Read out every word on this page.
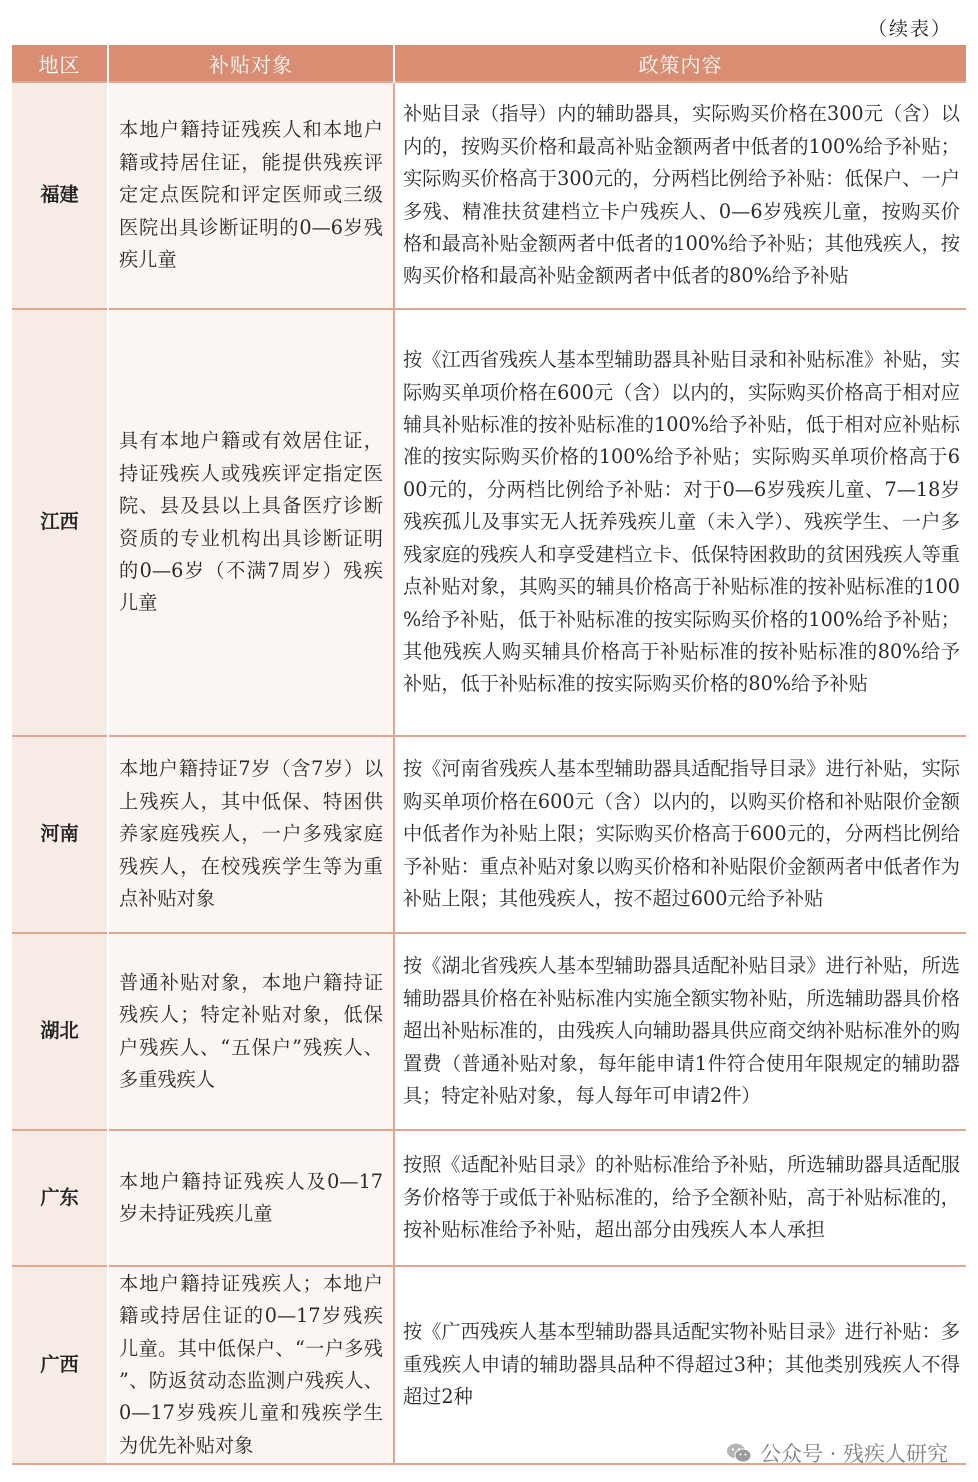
（续表）
地区	补贴对象	政策内容
福建	本地户籍持证残疾人和本地户籍或持居住证，能提供残疾评定定点医院和评定医师或三级医院出具诊断证明的0—6岁残疾儿童	补贴目录（指导）内的辅助器具，实际购买价格在300元（含）以内的，按购买价格和最高补贴金额两者中低者的100%给予补贴；实际购买价格高于300元的，分两档比例给予补贴：低保户、一户多残、精准扶贫建档立卡户残疾人、0—6岁残疾儿童，按购买价格和最高补贴金额两者中低者的100%给予补贴；其他残疾人，按购买价格和最高补贴金额两者中低者的80%给予补贴

江西	具有本地户籍或有效居住证，持证残疾人或残疾评定指定医院、县及县以上具备医疗诊断资质的专业机构出具诊断证明的0—6岁（不满7周岁）残疾儿童	按《江西省残疾人基本型辅助器具补贴目录和补贴标准》补贴，实际购买单项价格在600元（含）以内的，实际购买价格高于相对应辅具补贴标准的按补贴标准的100%给予补贴，低于相对应补贴标准的按实际购买价格的100%给予补贴；实际购买单项价格高于600元的，分两档比例给予补贴：对于0—6岁残疾儿童、7—18岁残疾孤儿及事实无人抚养残疾儿童（未入学）、残疾学生、一户多残家庭的残疾人和享受建档立卡、低保特困救助的贫困残疾人等重点补贴对象，其购买的辅具价格高于补贴标准的按补贴标准的100%给予补贴，低于补贴标准的按实际购买价格的100%给予补贴；其他残疾人购买辅具价格高于补贴标准的按补贴标准的80%给予补贴，低于补贴标准的按实际购买价格的80%给予补贴

河南	本地户籍持证7岁（含7岁）以上残疾人，其中低保、特困供养家庭残疾人，一户多残家庭残疾人，在校残疾学生等为重点补贴对象	按《河南省残疾人基本型辅助器具适配指导目录》进行补贴，实际购买单项价格在600元（含）以内的，以购买价格和补贴限价金额中低者作为补贴上限；实际购买价格高于600元的，分两档比例给予补贴：重点补贴对象以购买价格和补贴限价金额两者中低者作为补贴上限；其他残疾人，按不超过600元给予补贴

湖北	普通补贴对象，本地户籍持证残疾人；特定补贴对象，低保户残疾人、“五保户”残疾人、多重残疾人	按《湖北省残疾人基本型辅助器具适配补贴目录》进行补贴，所选辅助器具价格在补贴标准内实施全额实物补贴，所选辅助器具价格超出补贴标准的，由残疾人向辅助器具供应商交纳补贴标准外的购置费（普通补贴对象，每年能申请1件符合使用年限规定的辅助器具；特定补贴对象，每人每年可申请2件）

广东	本地户籍持证残疾人及0—17岁未持证残疾儿童	按照《适配补贴目录》的补贴标准给予补贴，所选辅助器具适配服务价格等于或低于补贴标准的，给予全额补贴，高于补贴标准的，按补贴标准给予补贴，超出部分由残疾人本人承担

广西	本地户籍持证残疾人；本地户籍或持居住证的0—17岁残疾儿童。其中低保户、“一户多残”、防返贫动态监测户残疾人、0—17岁残疾儿童和残疾学生为优先补贴对象	按《广西残疾人基本型辅助器具适配实物补贴目录》进行补贴：多重残疾人申请的辅助器具品种不得超过3种；其他类别残疾人不得超过2种
公众号 · 残疾人研究
